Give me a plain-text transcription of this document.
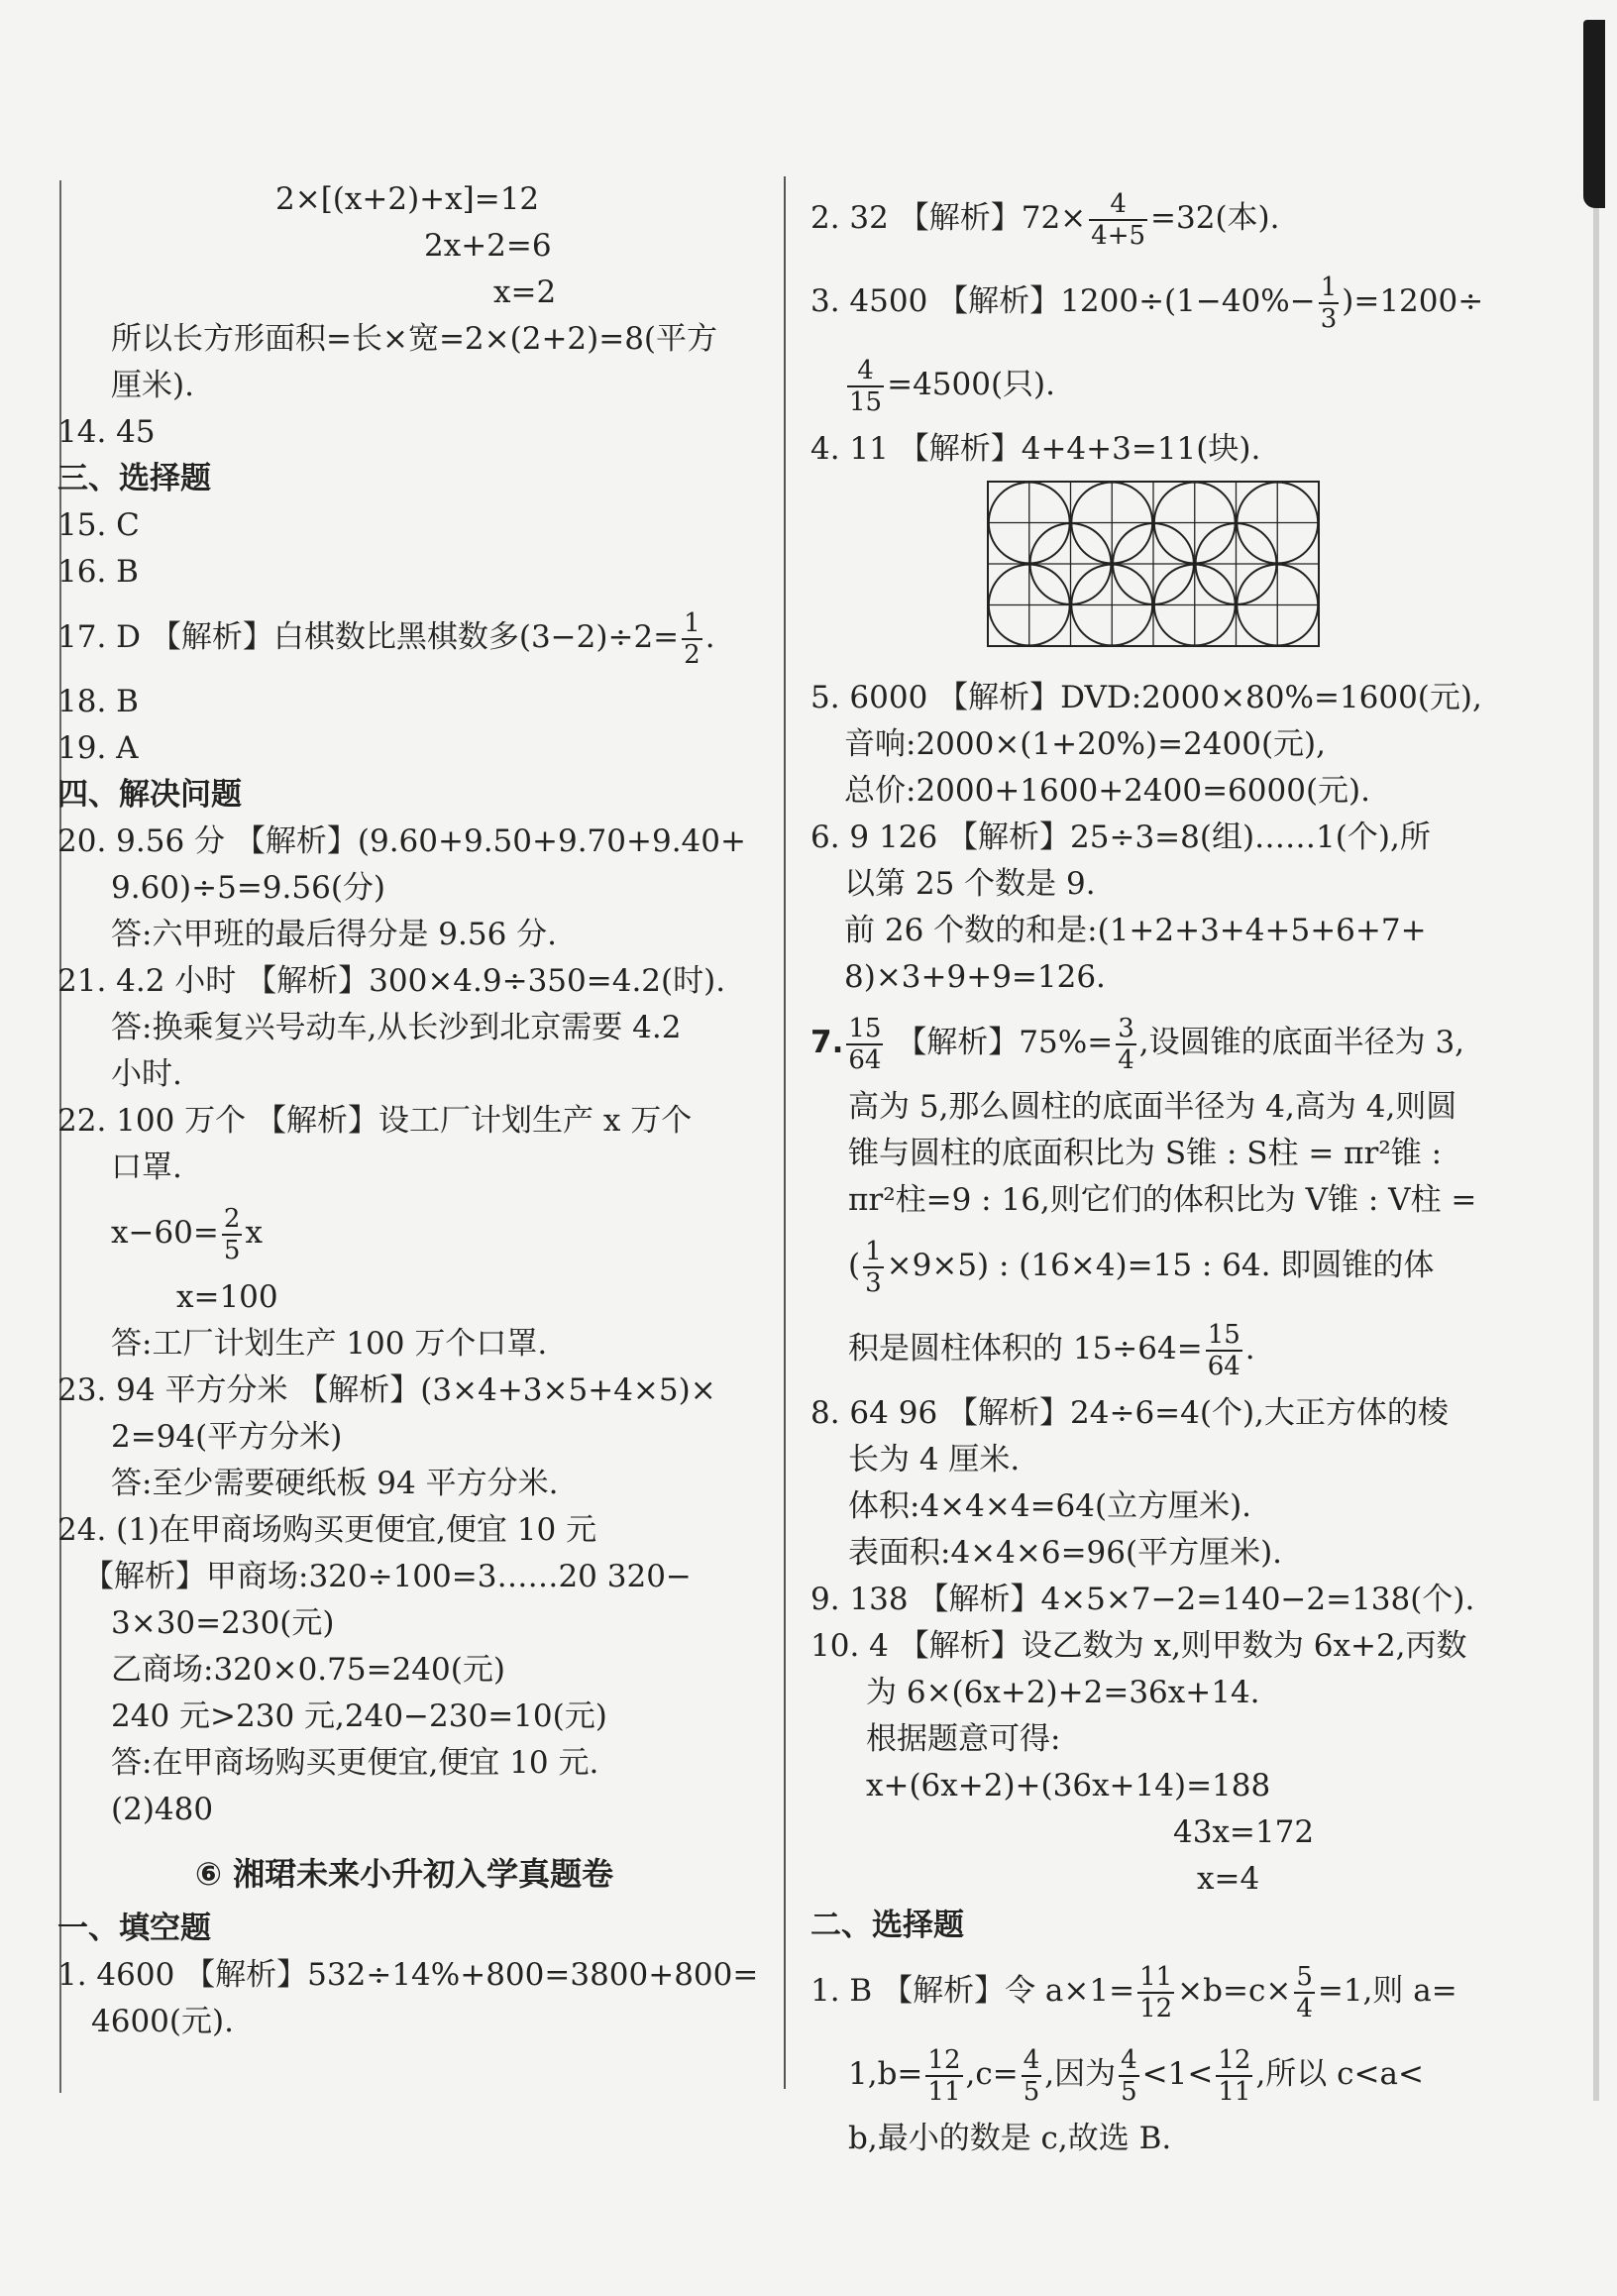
2×[(x+2)+x]=12
2x+2=6
x=2
所以长方形面积=长×宽=2×(2+2)=8(平方
厘米).
14. 45
三、选择题
15. C
16. B
17. D 【解析】白棋数比黑棋数多$(3-2)\div 2= \frac{1}{2}$ .
18. B
19. A
四、解决问题
20. 9.56 分 【解析】(9.60+9.50+9.70+9.40+
9.60)÷5=9.56(分)
答:六甲班的最后得分是 9.56 分.
21. 4.2 小时 【解析】300×4.9÷350=4.2(时).
答:换乘复兴号动车,从长沙到北京需要 4.2
小时.
22. 100 万个 【解析】设工厂计划生产 x 万个
口罩.
$x-60= \frac{2}{5}$ x
x=100
答:工厂计划生产 100 万个口罩.
23. 94 平方分米 【解析】(3×4+3×5+4×5)×
2=94(平方分米)
答:至少需要硬纸板 94 平方分米.
24. (1)在甲商场购买更便宜,便宜 10 元
【解析】甲商场:320÷100=3……20 320−
3×30=230(元)
乙商场:320×0.75=240(元)
240 元>230 元,240−230=10(元)
答:在甲商场购买更便宜,便宜 10 元.
(2)480
⑥ 湘珺未来小升初入学真题卷
一、填空题
1. 4600 【解析】532÷14%+800=3800+800=
4600(元).
2. 32 【解析】$72\times \frac{4}{4+5} =32$(本).
3. 4500 【解析】$1200\div(1-40\%- \frac{1}{3} )=1200\div$
$\frac{4}{15} =4500$(只).
4. 11 【解析】4+4+3=11(块).
5. 6000 【解析】DVD:2000×80%=1600(元),
音响:2000×(1+20%)=2400(元),
总价:2000+1600+2400=6000(元).
6. 9 126 【解析】25÷3=8(组)……1(个),所
以第 25 个数是 9.
前 26 个数的和是:(1+2+3+4+5+6+7+
8)×3+9+9=126.
7. $\frac{15}{64}$ 【解析】$75\%= \frac{3}{4}$ ,设圆锥的底面半径为 3,
高为 5,那么圆柱的底面半径为 4,高为 4,则圆
锥与圆柱的底面积比为 S锥 : S柱 = πr²锥 :
πr²柱=9 : 16,则它们的体积比为 V锥 : V柱 =
( $\frac{1}{3} \times 9\times 5$) : (16×4)=15 : 64. 即圆锥的体
积是圆柱体积的 $15\div 64= \frac{15}{64}$ .
8. 64 96 【解析】24÷6=4(个),大正方体的棱
长为 4 厘米.
体积:4×4×4=64(立方厘米).
表面积:4×4×6=96(平方厘米).
9. 138 【解析】4×5×7−2=140−2=138(个).
10. 4 【解析】设乙数为 x,则甲数为 6x+2,丙数
为 6×(6x+2)+2=36x+14.
根据题意可得:
x+(6x+2)+(36x+14)=188
43x=172
x=4
二、选择题
1. B 【解析】令 $a\times 1= \frac{11}{12} \times b=c\times \frac{5}{4} =1$,则 a=
$1,b= \frac{12}{11} ,c= \frac{4}{5}$ ,因为 $\frac{4}{5} <1< \frac{12}{11}$ ,所以 c<a<
b,最小的数是 c,故选 B.
